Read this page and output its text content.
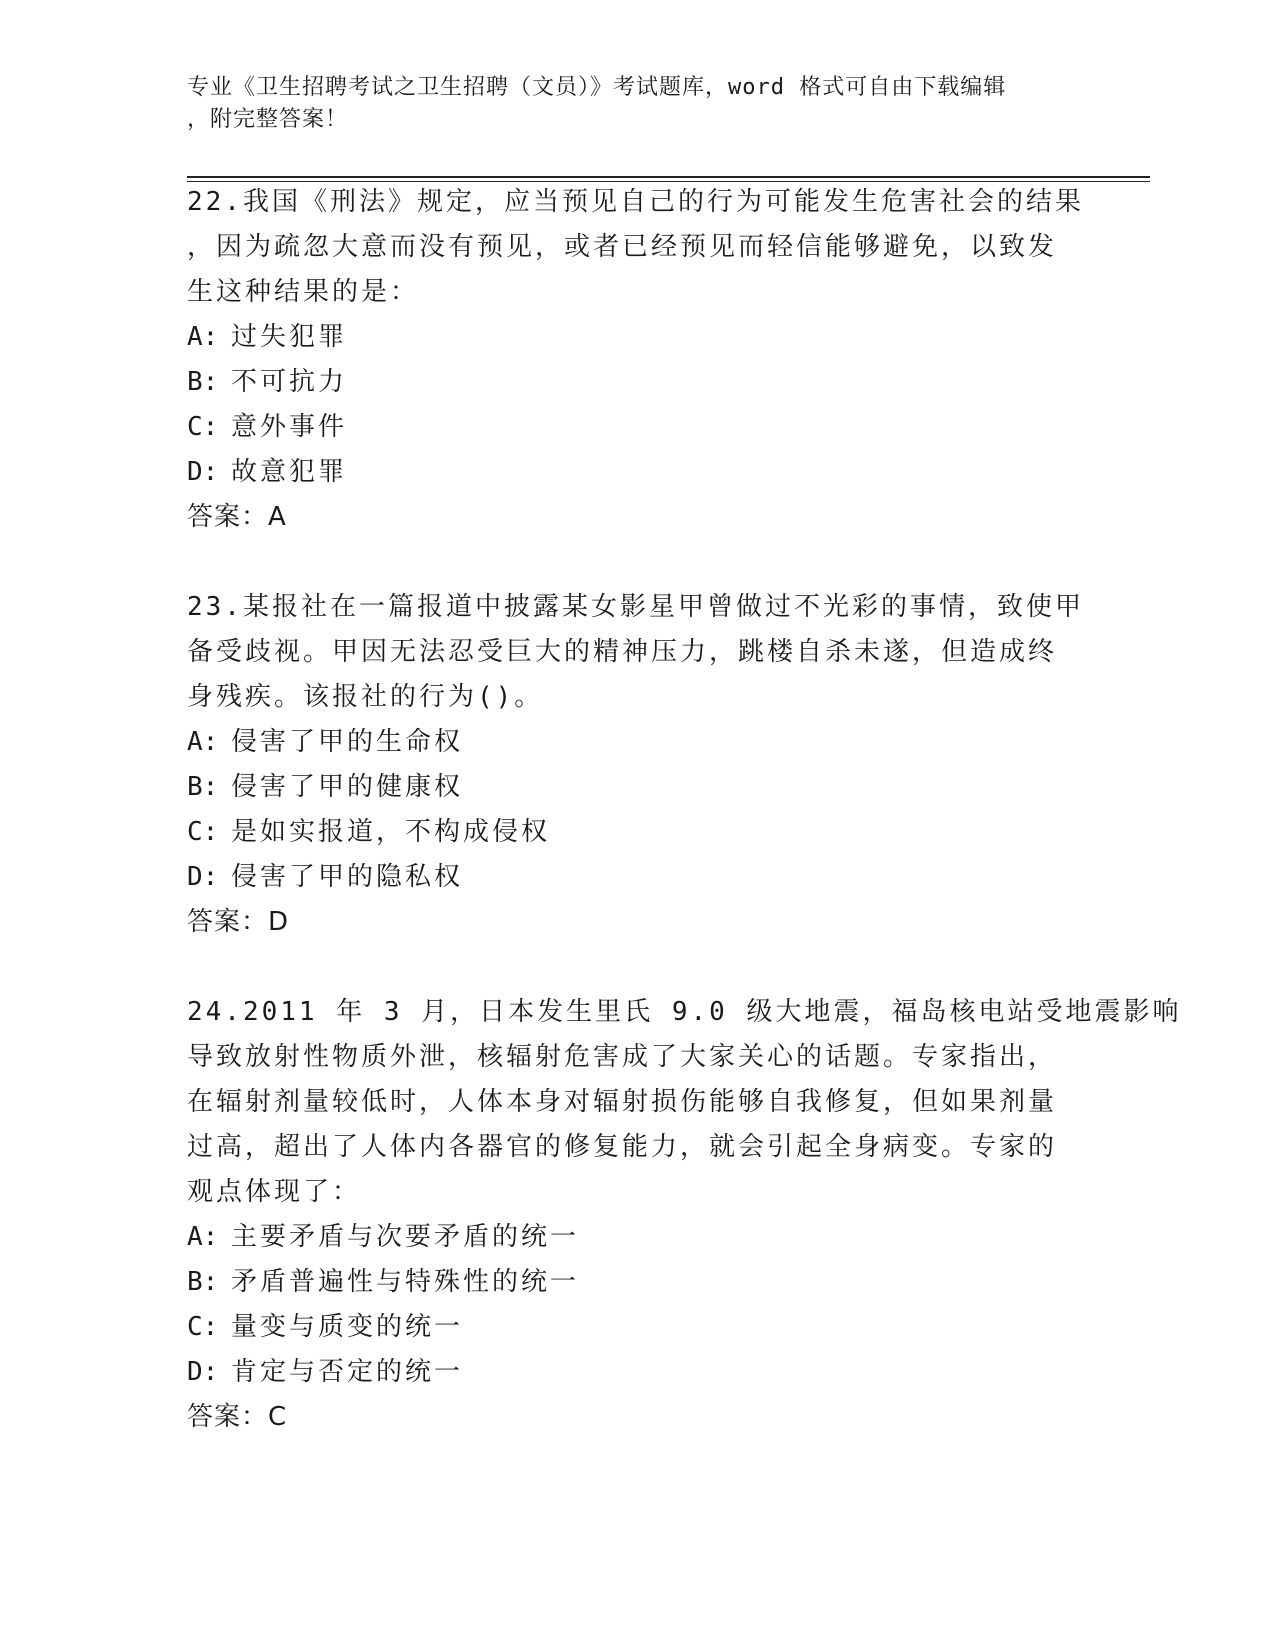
专业《卫生招聘考试之卫生招聘（文员）》考试题库，word 格式可自由下载编辑
，附完整答案！
22.我国《刑法》规定，应当预见自己的行为可能发生危害社会的结果
，因为疏忽大意而没有预见，或者已经预见而轻信能够避免，以致发
生这种结果的是：
A: 过失犯罪
B: 不可抗力
C: 意外事件
D: 故意犯罪
答案：A
23.某报社在一篇报道中披露某女影星甲曾做过不光彩的事情，致使甲
备受歧视。甲因无法忍受巨大的精神压力，跳楼自杀未遂，但造成终
身残疾。该报社的行为()。
A: 侵害了甲的生命权
B: 侵害了甲的健康权
C: 是如实报道，不构成侵权
D: 侵害了甲的隐私权
答案：D
24.2011 年 3 月，日本发生里氏 9.0 级大地震，福岛核电站受地震影响
导致放射性物质外泄，核辐射危害成了大家关心的话题。专家指出，
在辐射剂量较低时，人体本身对辐射损伤能够自我修复，但如果剂量
过高，超出了人体内各器官的修复能力，就会引起全身病变。专家的
观点体现了：
A: 主要矛盾与次要矛盾的统一
B: 矛盾普遍性与特殊性的统一
C: 量变与质变的统一
D: 肯定与否定的统一
答案：C
